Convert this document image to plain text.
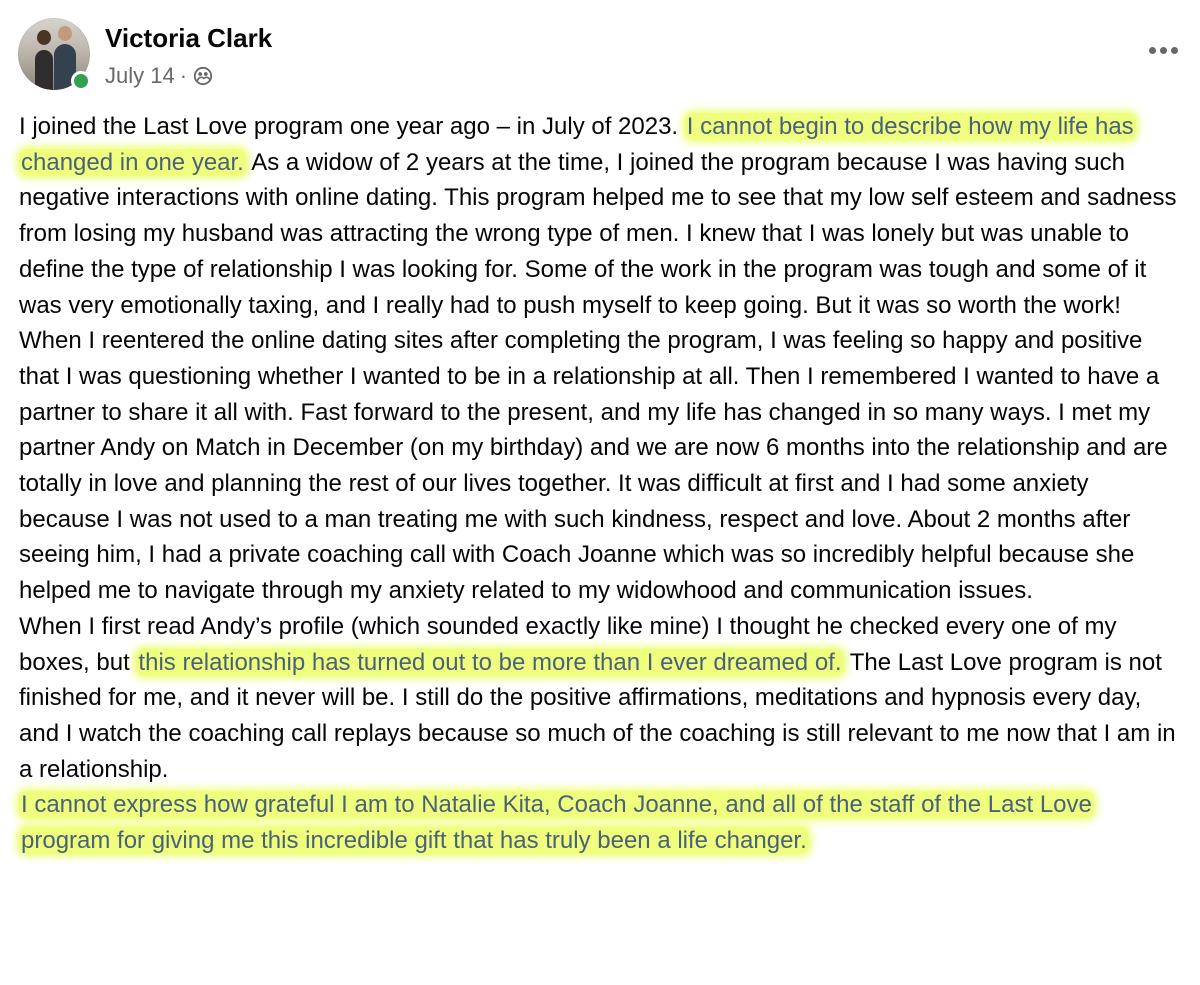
Victoria Clark
July 14 ·

I joined the Last Love program one year ago – in July of 2023. I cannot begin to describe how my life has changed in one year. As a widow of 2 years at the time, I joined the program because I was having such negative interactions with online dating. This program helped me to see that my low self esteem and sadness from losing my husband was attracting the wrong type of men. I knew that I was lonely but was unable to define the type of relationship I was looking for. Some of the work in the program was tough and some of it was very emotionally taxing, and I really had to push myself to keep going. But it was so worth the work!

When I reentered the online dating sites after completing the program, I was feeling so happy and positive that I was questioning whether I wanted to be in a relationship at all. Then I remembered I wanted to have a partner to share it all with. Fast forward to the present, and my life has changed in so many ways. I met my partner Andy on Match in December (on my birthday) and we are now 6 months into the relationship and are totally in love and planning the rest of our lives together. It was difficult at first and I had some anxiety because I was not used to a man treating me with such kindness, respect and love. About 2 months after seeing him, I had a private coaching call with Coach Joanne which was so incredibly helpful because she helped me to navigate through my anxiety related to my widowhood and communication issues.

When I first read Andy’s profile (which sounded exactly like mine) I thought he checked every one of my boxes, but this relationship has turned out to be more than I ever dreamed of. The Last Love program is not finished for me, and it never will be. I still do the positive affirmations, meditations and hypnosis every day, and I watch the coaching call replays because so much of the coaching is still relevant to me now that I am in a relationship.

I cannot express how grateful I am to Natalie Kita, Coach Joanne, and all of the staff of the Last Love program for giving me this incredible gift that has truly been a life changer.
